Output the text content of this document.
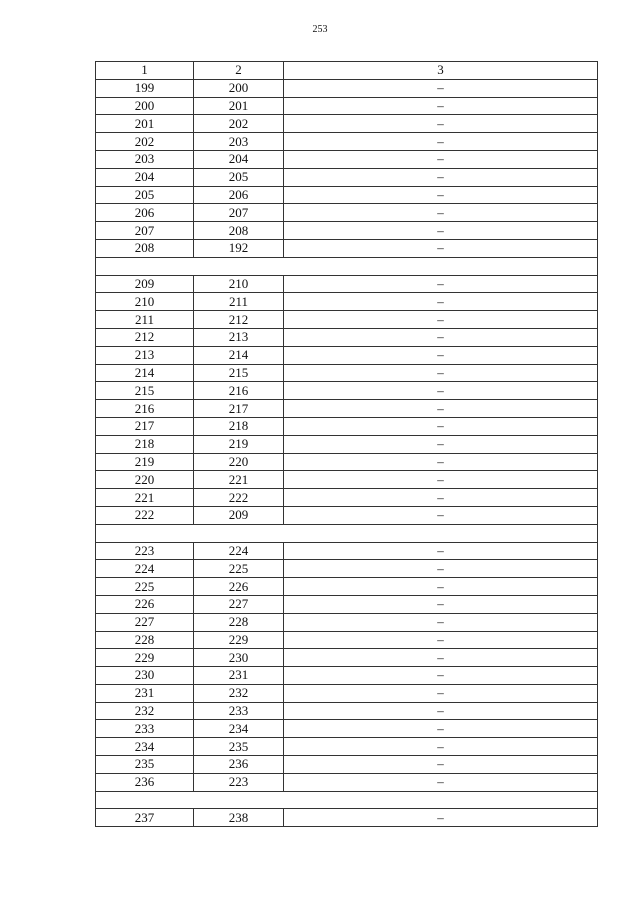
253
1	2	3
199	200	–
200	201	–
201	202	–
202	203	–
203	204	–
204	205	–
205	206	–
206	207	–
207	208	–
208	192	–

209	210	–
210	211	–
211	212	–
212	213	–
213	214	–
214	215	–
215	216	–
216	217	–
217	218	–
218	219	–
219	220	–
220	221	–
221	222	–
222	209	–

223	224	–
224	225	–
225	226	–
226	227	–
227	228	–
228	229	–
229	230	–
230	231	–
231	232	–
232	233	–
233	234	–
234	235	–
235	236	–
236	223	–

237	238	–
